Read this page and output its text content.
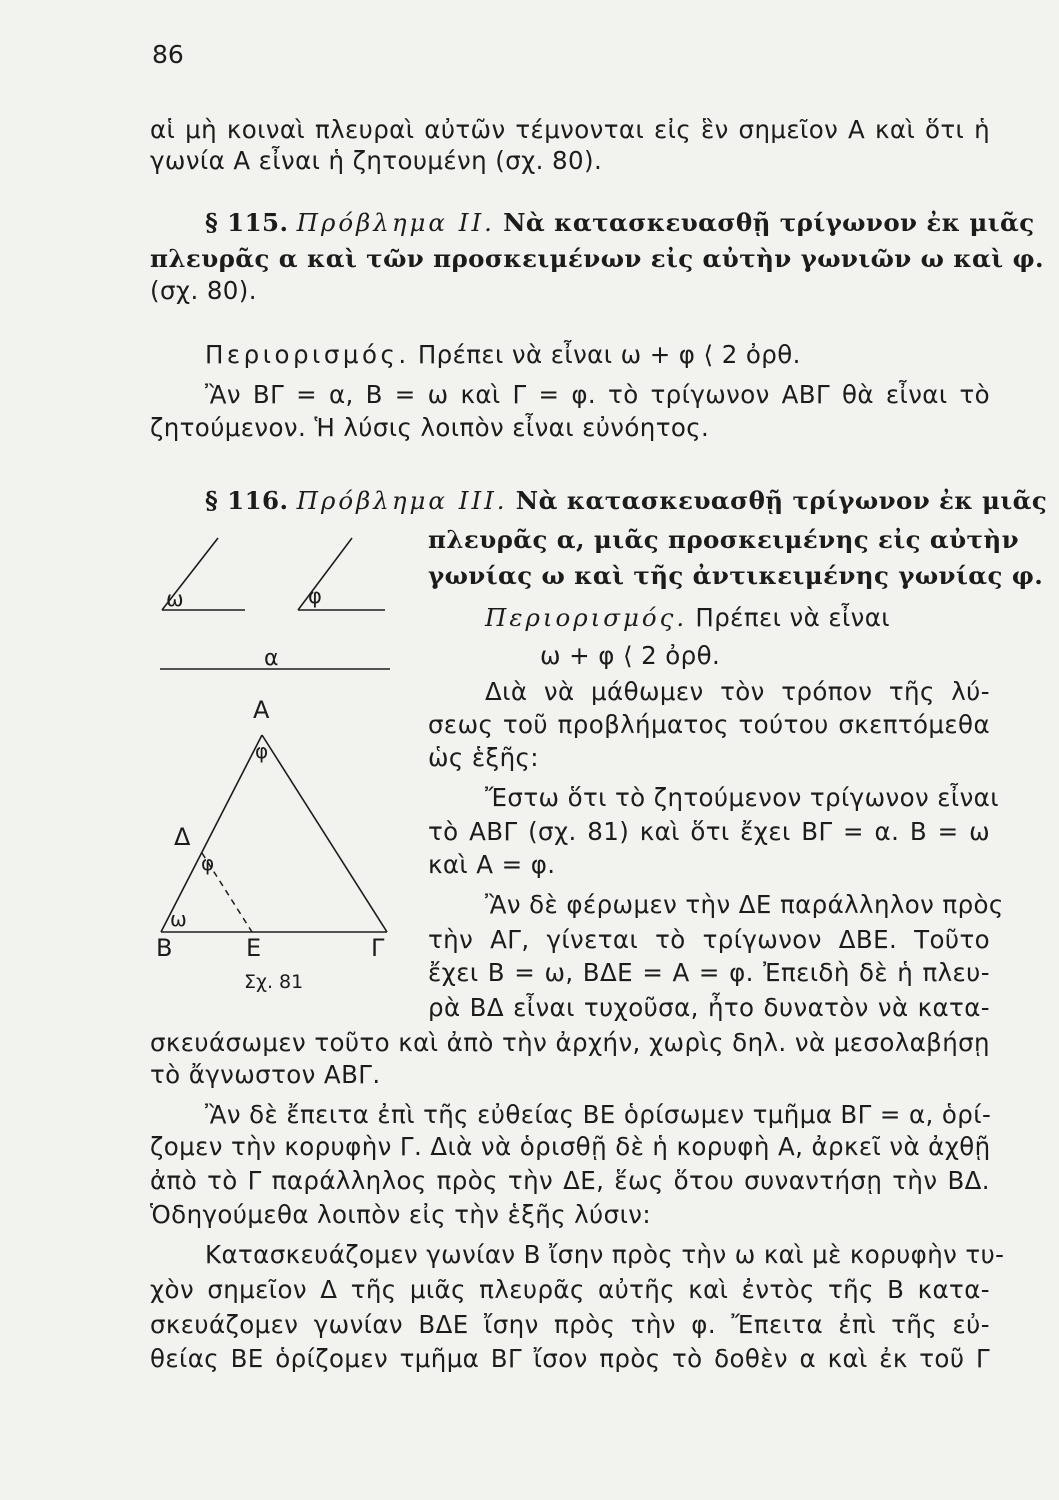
86
αἱ μὴ κοιναὶ πλευραὶ αὐτῶν τέμνονται εἰς ἓν σημεῖον Α καὶ ὅτι ἡ
γωνία Α εἶναι ἡ ζητουμένη (σχ. 80).
§ 115. Πρόβλημα ΙΙ. Νὰ κατασκευασθῇ τρίγωνον ἐκ μιᾶς
πλευρᾶς α καὶ τῶν προσκειμένων εἰς αὐτὴν γωνιῶν ω καὶ φ.
(σχ. 80).
Περιορισμός. Πρέπει νὰ εἶναι ω + φ ⟨ 2 ὀρθ.
Ἂν ΒΓ = α, Β = ω καὶ Γ = φ. τὸ τρίγωνον ΑΒΓ θὰ εἶναι τὸ
ζητούμενον. Ἡ λύσις λοιπὸν εἶναι εὐνόητος.
§ 116. Πρόβλημα ΙΙΙ. Νὰ κατασκευασθῇ τρίγωνον ἐκ μιᾶς
πλευρᾶς α, μιᾶς προσκειμένης εἰς αὐτὴν
γωνίας ω καὶ τῆς ἀντικειμένης γωνίας φ.
Περιορισμός. Πρέπει νὰ εἶναι
ω + φ ⟨ 2 ὀρθ.
Διὰ νὰ μάθωμεν τὸν τρόπον τῆς λύ-
σεως τοῦ προβλήματος τούτου σκεπτόμεθα
ὡς ἑξῆς:
Ἔστω ὅτι τὸ ζητούμενον τρίγωνον εἶναι
τὸ ΑΒΓ (σχ. 81) καὶ ὅτι ἔχει ΒΓ = α. Β = ω
καὶ Α = φ.
Ἂν δὲ φέρωμεν τὴν ΔΕ παράλληλον πρὸς
τὴν ΑΓ, γίνεται τὸ τρίγωνον ΔΒΕ. Τοῦτο
ἔχει Β = ω, ΒΔΕ = Α = φ. Ἐπειδὴ δὲ ἡ πλευ-
ρὰ ΒΔ εἶναι τυχοῦσα, ἦτο δυνατὸν νὰ κατα-
σκευάσωμεν τοῦτο καὶ ἀπὸ τὴν ἀρχήν, χωρὶς δηλ. νὰ μεσολαβήσῃ
τὸ ἄγνωστον ΑΒΓ.
Ἂν δὲ ἔπειτα ἐπὶ τῆς εὐθείας ΒΕ ὁρίσωμεν τμῆμα ΒΓ = α, ὁρί-
ζομεν τὴν κορυφὴν Γ. Διὰ νὰ ὁρισθῇ δὲ ἡ κορυφὴ Α, ἀρκεῖ νὰ ἀχθῇ
ἀπὸ τὸ Γ παράλληλος πρὸς τὴν ΔΕ, ἕως ὅτου συναντήσῃ τὴν ΒΔ.
Ὁδηγούμεθα λοιπὸν εἰς τὴν ἑξῆς λύσιν:
Κατασκευάζομεν γωνίαν Β ἴσην πρὸς τὴν ω καὶ μὲ κορυφὴν τυ-
χὸν σημεῖον Δ τῆς μιᾶς πλευρᾶς αὐτῆς καὶ ἐντὸς τῆς Β κατα-
σκευάζομεν γωνίαν ΒΔΕ ἴσην πρὸς τὴν φ. Ἔπειτα ἐπὶ τῆς εὐ-
θείας ΒΕ ὁρίζομεν τμῆμα ΒΓ ἴσον πρὸς τὸ δοθὲν α καὶ ἐκ τοῦ Γ
ω	φ
α
Α
φ
Δ
φ
ω
Β	Ε	Γ
Σχ. 81
